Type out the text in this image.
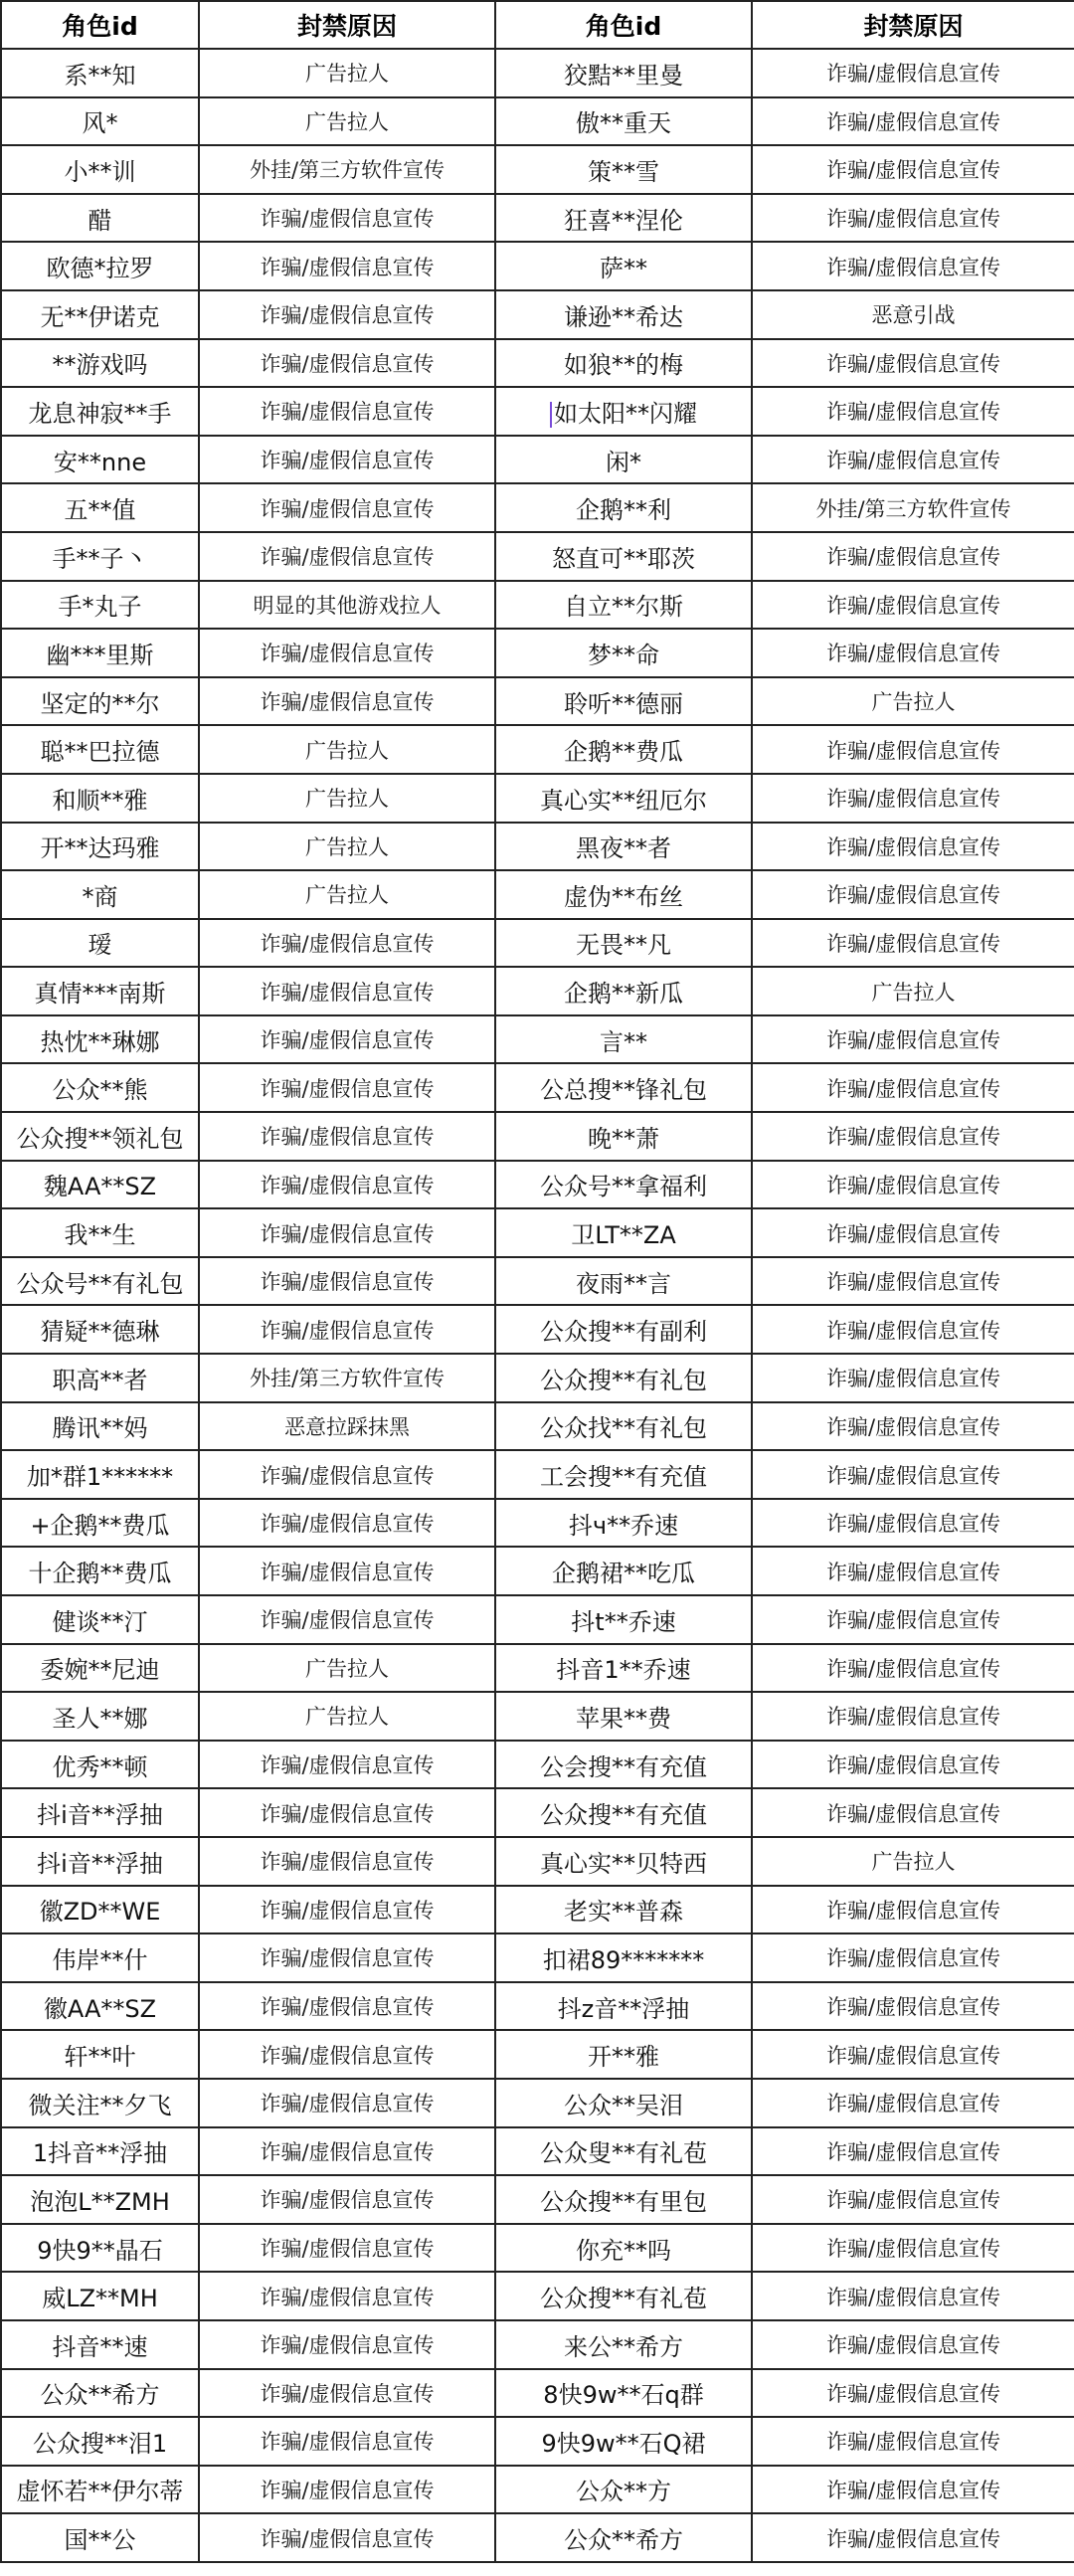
角色id	封禁原因	角色id	封禁原因
系**知	广告拉人	狡黠**里曼	诈骗/虚假信息宣传
风*	广告拉人	傲**重天	诈骗/虚假信息宣传
小**训	外挂/第三方软件宣传	策**雪	诈骗/虚假信息宣传
醋	诈骗/虚假信息宣传	狂喜**涅伦	诈骗/虚假信息宣传
欧德*拉罗	诈骗/虚假信息宣传	萨**	诈骗/虚假信息宣传
无**伊诺克	诈骗/虚假信息宣传	谦逊**希达	恶意引战
**游戏吗	诈骗/虚假信息宣传	如狼**的梅	诈骗/虚假信息宣传
龙息神寂**手	诈骗/虚假信息宣传	如太阳**闪耀	诈骗/虚假信息宣传
安**nne	诈骗/虚假信息宣传	闲*	诈骗/虚假信息宣传
五**值	诈骗/虚假信息宣传	企鹅**利	外挂/第三方软件宣传
手**子丶	诈骗/虚假信息宣传	怒直可**耶茨	诈骗/虚假信息宣传
手*丸子	明显的其他游戏拉人	自立**尔斯	诈骗/虚假信息宣传
幽***里斯	诈骗/虚假信息宣传	梦**命	诈骗/虚假信息宣传
坚定的**尔	诈骗/虚假信息宣传	聆听**德丽	广告拉人
聪**巴拉德	广告拉人	企鹅**费瓜	诈骗/虚假信息宣传
和顺**雅	广告拉人	真心实**纽厄尔	诈骗/虚假信息宣传
开**达玛雅	广告拉人	黑夜**者	诈骗/虚假信息宣传
*商	广告拉人	虚伪**布丝	诈骗/虚假信息宣传
瑷	诈骗/虚假信息宣传	无畏**凡	诈骗/虚假信息宣传
真情***南斯	诈骗/虚假信息宣传	企鹅**新瓜	广告拉人
热忱**琳娜	诈骗/虚假信息宣传	言**	诈骗/虚假信息宣传
公众**熊	诈骗/虚假信息宣传	公总搜**锋礼包	诈骗/虚假信息宣传
公众搜**领礼包	诈骗/虚假信息宣传	晚**萧	诈骗/虚假信息宣传
魏AA**SZ	诈骗/虚假信息宣传	公众号**拿福利	诈骗/虚假信息宣传
我**生	诈骗/虚假信息宣传	卫LT**ZA	诈骗/虚假信息宣传
公众号**有礼包	诈骗/虚假信息宣传	夜雨**言	诈骗/虚假信息宣传
猜疑**德琳	诈骗/虚假信息宣传	公众搜**有副利	诈骗/虚假信息宣传
职高**者	外挂/第三方软件宣传	公众搜**有礼包	诈骗/虚假信息宣传
腾讯**妈	恶意拉踩抹黑	公众找**有礼包	诈骗/虚假信息宣传
加*群1******	诈骗/虚假信息宣传	工会搜**有充值	诈骗/虚假信息宣传
+企鹅**费瓜	诈骗/虚假信息宣传	抖ч**乔速	诈骗/虚假信息宣传
十企鹅**费瓜	诈骗/虚假信息宣传	企鹅裙**吃瓜	诈骗/虚假信息宣传
健谈**汀	诈骗/虚假信息宣传	抖t**乔速	诈骗/虚假信息宣传
委婉**尼迪	广告拉人	抖音1**乔速	诈骗/虚假信息宣传
圣人**娜	广告拉人	苹果**费	诈骗/虚假信息宣传
优秀**顿	诈骗/虚假信息宣传	公会搜**有充值	诈骗/虚假信息宣传
抖i音**浮抽	诈骗/虚假信息宣传	公众搜**有充值	诈骗/虚假信息宣传
抖i音**浮抽	诈骗/虚假信息宣传	真心实**贝特西	广告拉人
徽ZD**WE	诈骗/虚假信息宣传	老实**普森	诈骗/虚假信息宣传
伟岸**什	诈骗/虚假信息宣传	扣裙89*******	诈骗/虚假信息宣传
徽AA**SZ	诈骗/虚假信息宣传	抖z音**浮抽	诈骗/虚假信息宣传
轩**叶	诈骗/虚假信息宣传	开**雅	诈骗/虚假信息宣传
微关注**夕飞	诈骗/虚假信息宣传	公众**吴泪	诈骗/虚假信息宣传
1抖音**浮抽	诈骗/虚假信息宣传	公众叟**有礼苞	诈骗/虚假信息宣传
泡泡L**ZMH	诈骗/虚假信息宣传	公众搜**有里包	诈骗/虚假信息宣传
9快9**晶石	诈骗/虚假信息宣传	你充**吗	诈骗/虚假信息宣传
威LZ**MH	诈骗/虚假信息宣传	公众搜**有礼苞	诈骗/虚假信息宣传
抖音**速	诈骗/虚假信息宣传	来公**希方	诈骗/虚假信息宣传
公众**希方	诈骗/虚假信息宣传	8快9w**石q群	诈骗/虚假信息宣传
公众搜**泪1	诈骗/虚假信息宣传	9快9w**石Q裙	诈骗/虚假信息宣传
虚怀若**伊尔蒂	诈骗/虚假信息宣传	公众**方	诈骗/虚假信息宣传
国**公	诈骗/虚假信息宣传	公众**希方	诈骗/虚假信息宣传
